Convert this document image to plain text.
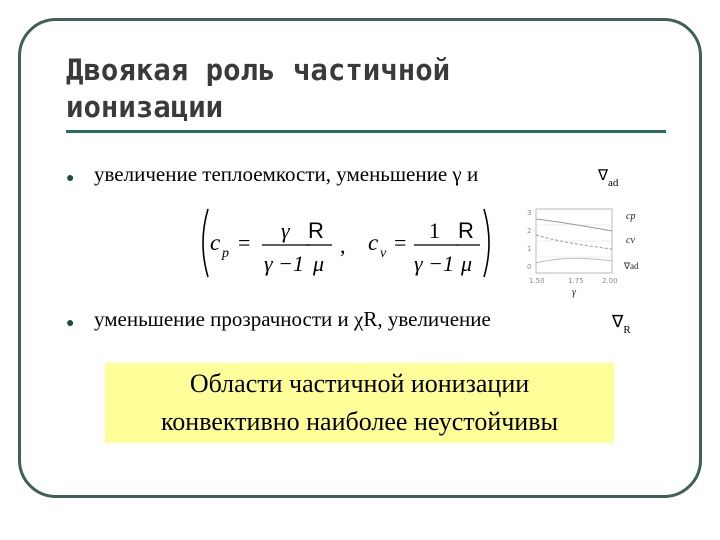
Двоякая роль частичной
ионизации
● увеличение теплоемкости, уменьшение γ и	$\nabla_{ad}$
c p = γ
γ −1
R
μ
, c v = 1
γ −1
R
μ
3
2
1
0
1.50	1.75	2.00
cp
cv
∇ad
γ
● уменьшение прозрачности и χR, увеличение	$\nabla_R$
Области частичной ионизации
конвективно наиболее неустойчивы
